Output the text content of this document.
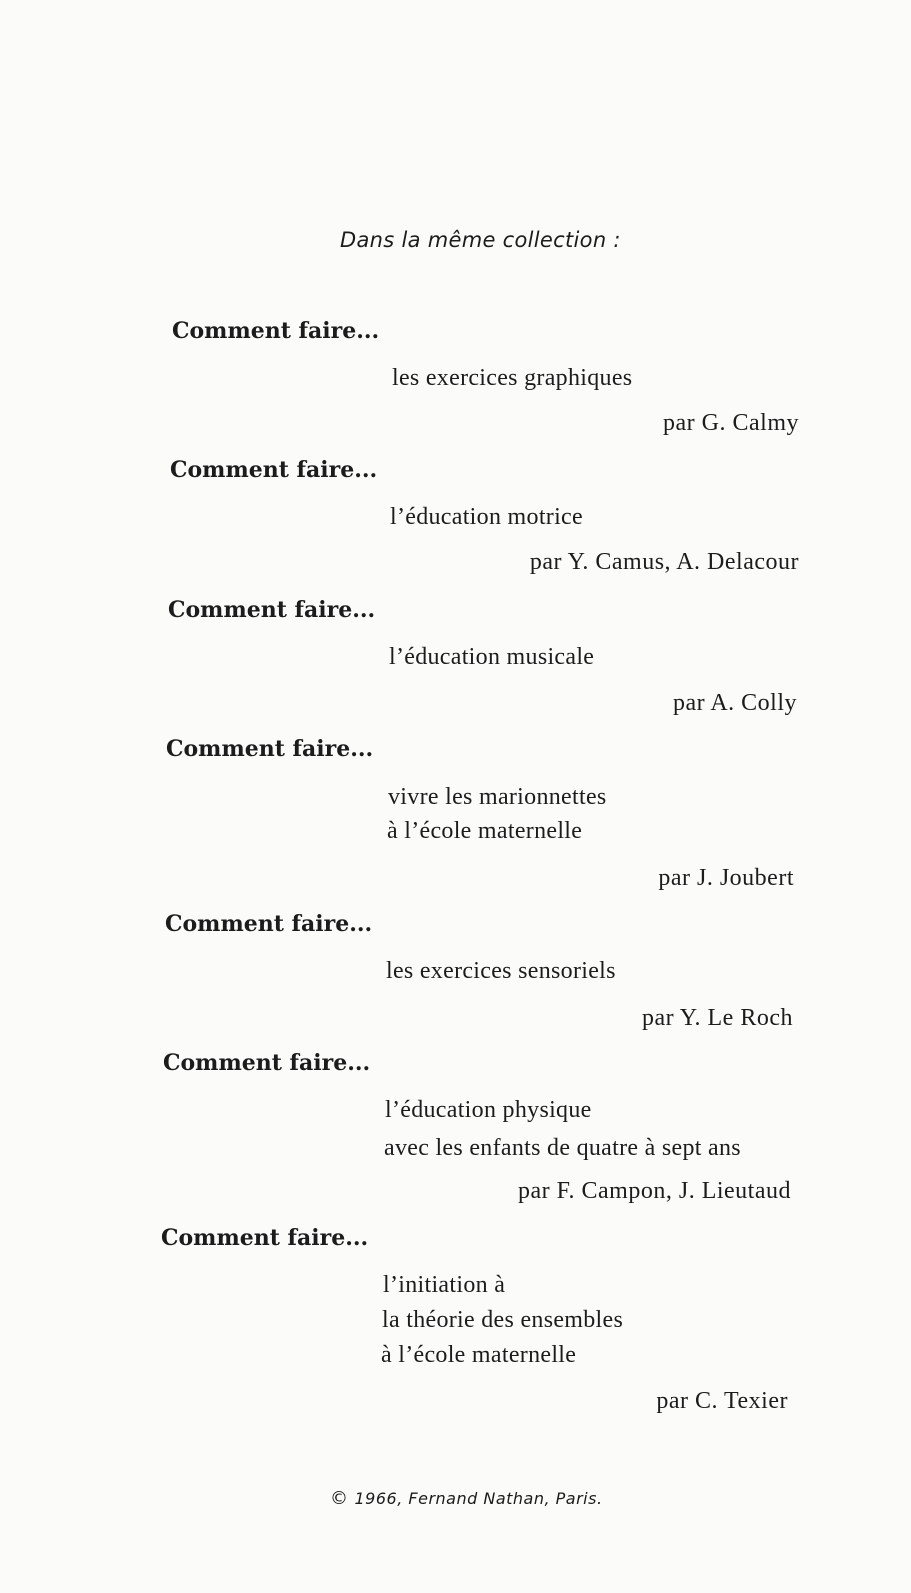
Dans la même collection :
Comment faire...
les exercices graphiques
par G. Calmy
Comment faire...
l’éducation motrice
par Y. Camus, A. Delacour
Comment faire...
l’éducation musicale
par A. Colly
Comment faire...
vivre les marionnettes
à l’école maternelle
par J. Joubert
Comment faire...
les exercices sensoriels
par Y. Le Roch
Comment faire...
l’éducation physique
avec les enfants de quatre à sept ans
par F. Campon, J. Lieutaud
Comment faire...
l’initiation à
la théorie des ensembles
à l’école maternelle
par C. Texier
© 1966, Fernand Nathan, Paris.
